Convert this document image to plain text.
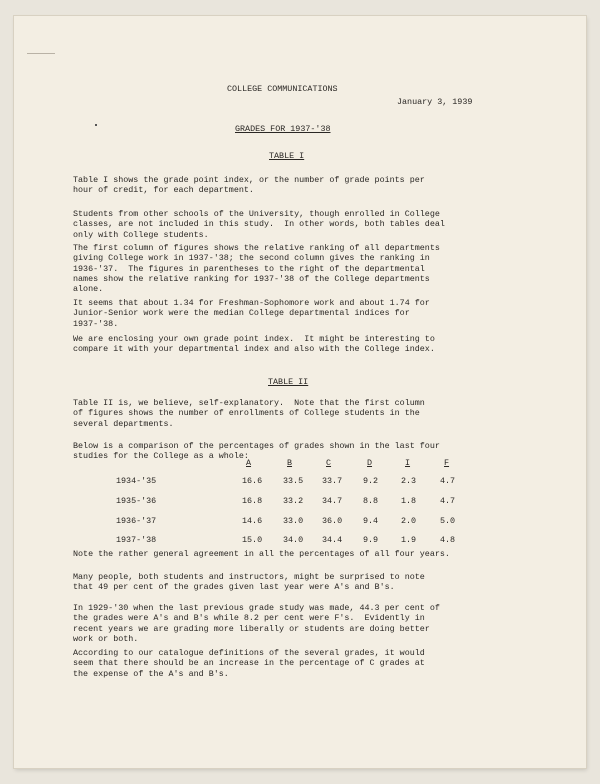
COLLEGE COMMUNICATIONS
January 3, 1939
GRADES FOR 1937-'38
TABLE I
Table I shows the grade point index, or the number of grade points per
hour of credit, for each department.
Students from other schools of the University, though enrolled in College
classes, are not included in this study.  In other words, both tables deal
only with College students.
The first column of figures shows the relative ranking of all departments
giving College work in 1937-'38; the second column gives the ranking in
1936-'37.  The figures in parentheses to the right of the departmental
names show the relative ranking for 1937-'38 of the College departments
alone.
It seems that about 1.34 for Freshman-Sophomore work and about 1.74 for
Junior-Senior work were the median College departmental indices for
1937-'38.
We are enclosing your own grade point index.  It might be interesting to
compare it with your departmental index and also with the College index.
TABLE II
Table II is, we believe, self-explanatory.  Note that the first column
of figures shows the number of enrollments of College students in the
several departments.
Below is a comparison of the percentages of grades shown in the last four
studies for the College as a whole:
A	B	C	D	I	F
1934-'35	16.6 33.5 33.7 9.2	2.3	4.7
1935-'36	16.8 33.2 34.7 8.8	1.8	4.7
1936-'37	14.6 33.0 36.0 9.4	2.0	5.0
1937-'38	15.0 34.0 34.4 9.9	1.9	4.8
Note the rather general agreement in all the percentages of all four years.
Many people, both students and instructors, might be surprised to note
that 49 per cent of the grades given last year were A's and B's.
In 1929-'30 when the last previous grade study was made, 44.3 per cent of
the grades were A's and B's while 8.2 per cent were F's.  Evidently in
recent years we are grading more liberally or students are doing better
work or both.
According to our catalogue definitions of the several grades, it would
seem that there should be an increase in the percentage of C grades at
the expense of the A's and B's.
